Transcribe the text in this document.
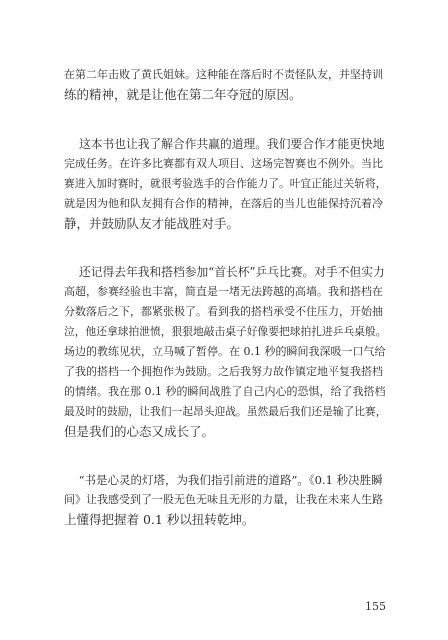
在第二年击败了黄氏姐妹。这种能在落后时不责怪队友，并坚持训
练的精神，就是让他在第二年夺冠的原因。
这本书也让我了解合作共赢的道理。我们要合作才能更快地
完成任务。在许多比赛都有双人项目、这场完智赛也不例外。当比
赛进入加时赛时，就很考验选手的合作能力了。叶宜正能过关斩将，
就是因为他和队友拥有合作的精神，在落后的当儿也能保持沉着冷
静，并鼓励队友才能战胜对手。
还记得去年我和搭档参加“首长杯”乒乓比赛。对手不但实力
高超，参赛经验也丰富，简直是一堵无法跨越的高墙。我和搭档在
分数落后之下，都紧张极了。看到我的搭档承受不住压力，开始抽
泣，他还拿球拍泄愤，狠狠地敲击桌子好像要把球拍扎进乒乓桌般。
场边的教练见状，立马喊了暂停。在 0.1 秒的瞬间我深吸一口气给
了我的搭档一个拥抱作为鼓励。之后我努力故作镇定地平复我搭档
的情绪。我在那 0.1 秒的瞬间战胜了自己内心的恐惧，给了我搭档
最及时的鼓励，让我们一起昂头迎战。虽然最后我们还是输了比赛，
但是我们的心态又成长了。
“书是心灵的灯塔，为我们指引前进的道路”。《0.1 秒决胜瞬
间》让我感受到了一股无色无味且无形的力量，让我在未来人生路
上懂得把握着 0.1 秒以扭转乾坤。
155
